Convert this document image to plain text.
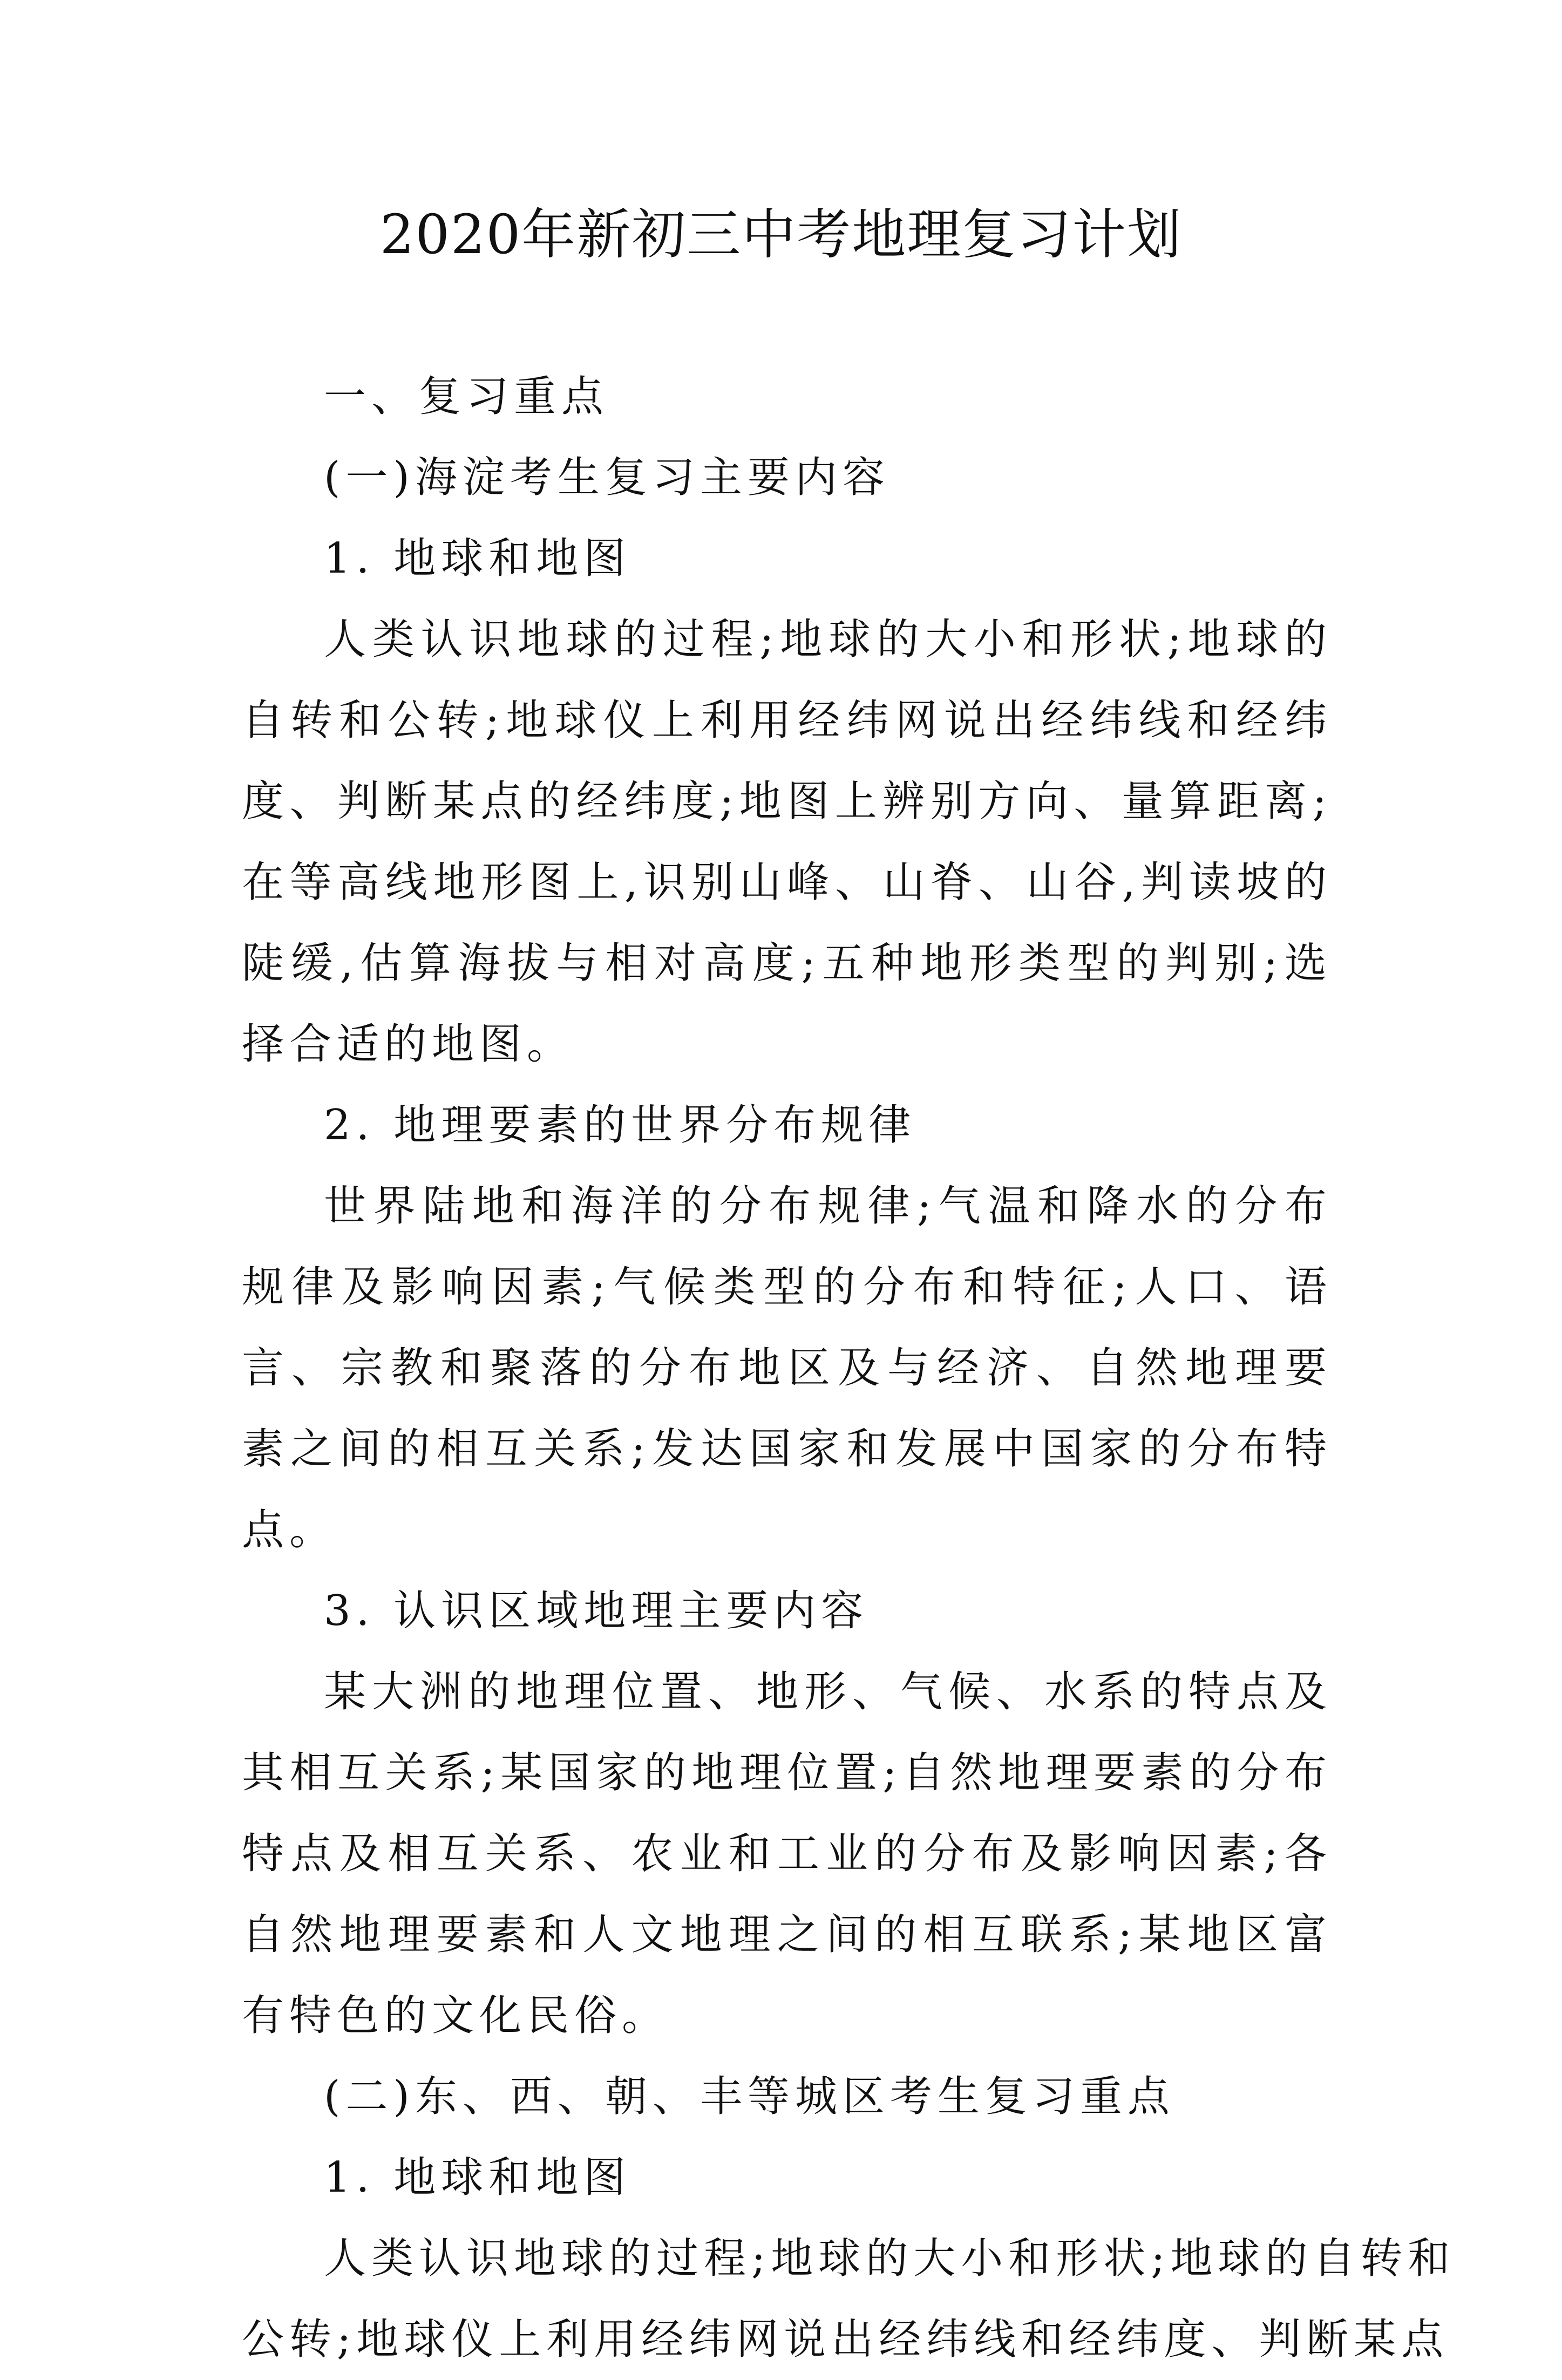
2020年新初三中考地理复习计划
一、复习重点
(一)海淀考生复习主要内容
1. 地球和地图
人类认识地球的过程;地球的大小和形状;地球的自转和公转;地球仪上利用经纬网说出经纬线和经纬度、判断某点的经纬度;地图上辨别方向、量算距离;在等高线地形图上,识别山峰、山脊、山谷,判读坡的陡缓,估算海拔与相对高度;五种地形类型的判别;选择合适的地图。
2. 地理要素的世界分布规律
世界陆地和海洋的分布规律;气温和降水的分布规律及影响因素;气候类型的分布和特征;人口、语言、宗教和聚落的分布地区及与经济、自然地理要素之间的相互关系;发达国家和发展中国家的分布特点。
3. 认识区域地理主要内容
某大洲的地理位置、地形、气候、水系的特点及其相互关系;某国家的地理位置;自然地理要素的分布特点及相互关系、农业和工业的分布及影响因素;各自然地理要素和人文地理之间的相互联系;某地区富有特色的文化民俗。
(二)东、西、朝、丰等城区考生复习重点
1. 地球和地图
人类认识地球的过程;地球的大小和形状;地球的自转和
公转;地球仪上利用经纬网说出经纬线和经纬度、判断某点
